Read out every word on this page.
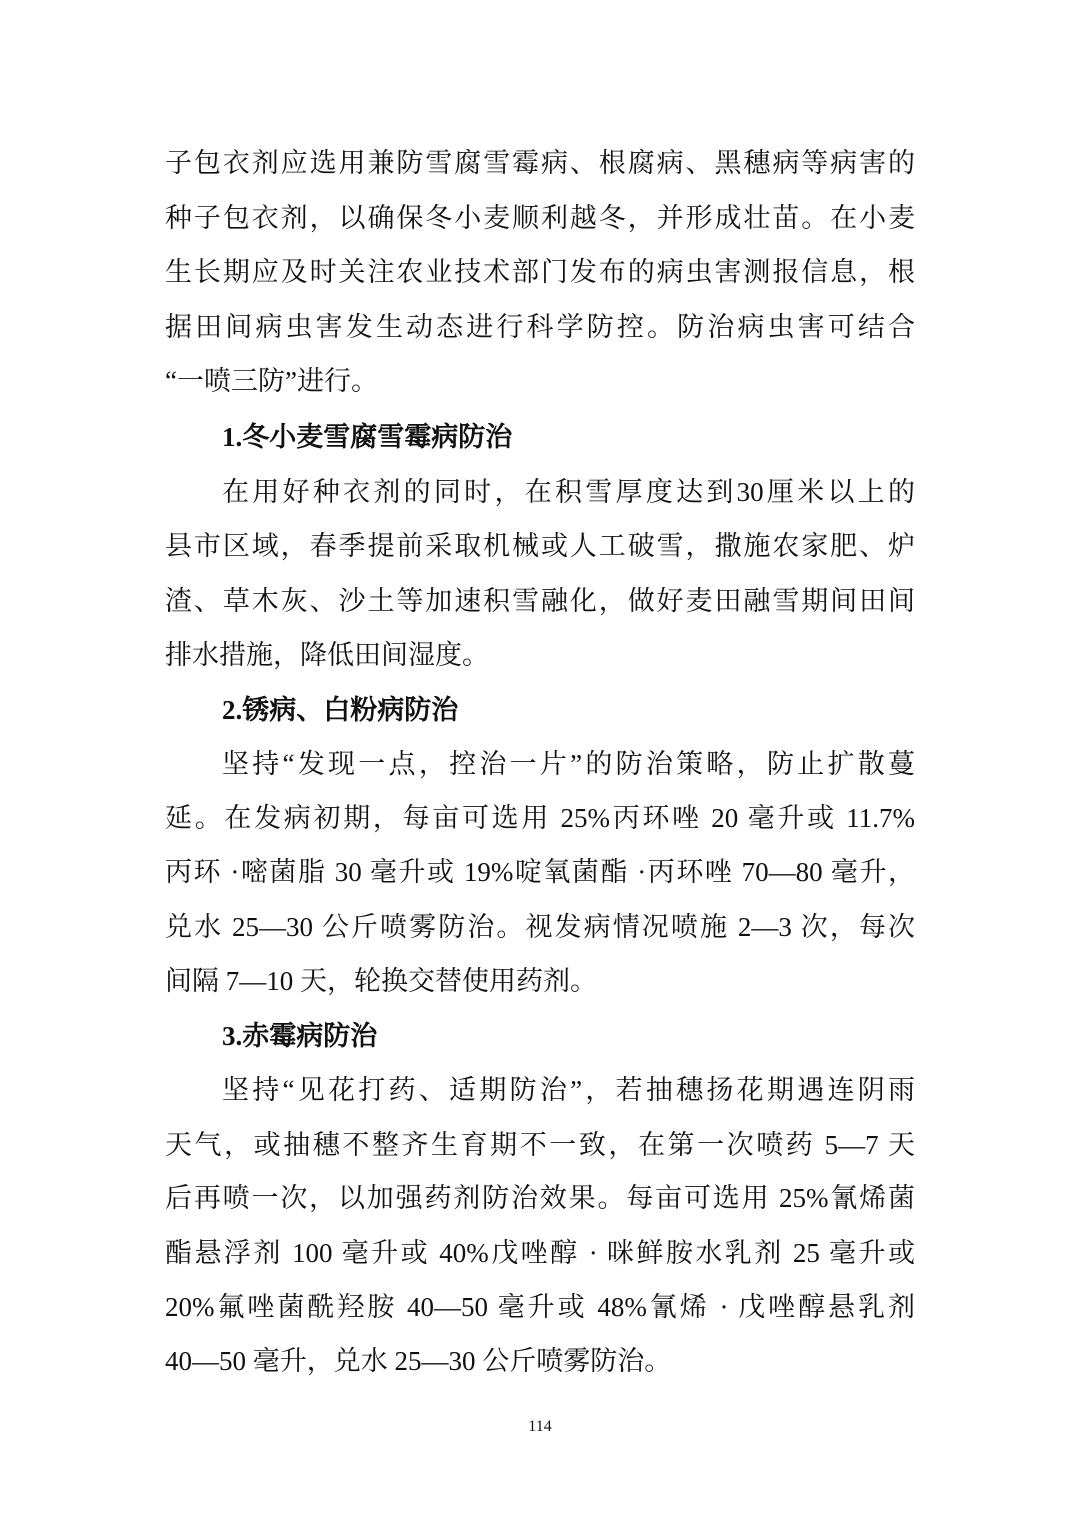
子包衣剂应选用兼防雪腐雪霉病、根腐病、黑穗病等病害的
种子包衣剂，以确保冬小麦顺利越冬，并形成壮苗。在小麦
生长期应及时关注农业技术部门发布的病虫害测报信息，根
据田间病虫害发生动态进行科学防控。防治病虫害可结合
“一喷三防”进行。
1.冬小麦雪腐雪霉病防治
在用好种衣剂的同时，在积雪厚度达到30厘米以上的
县市区域，春季提前采取机械或人工破雪，撒施农家肥、炉
渣、草木灰、沙土等加速积雪融化，做好麦田融雪期间田间
排水措施，降低田间湿度。
2.锈病、白粉病防治
坚持“发现一点，控治一片”的防治策略，防止扩散蔓
延。在发病初期，每亩可选用 25%丙环唑 20 毫升或 11.7%
丙环 ·嘧菌脂 30 毫升或 19%啶氧菌酯 ·丙环唑 70—80 毫升，
兑水 25—30 公斤喷雾防治。视发病情况喷施 2—3 次，每次
间隔 7—10 天，轮换交替使用药剂。
3.赤霉病防治
坚持“见花打药、适期防治”，若抽穗扬花期遇连阴雨
天气，或抽穗不整齐生育期不一致，在第一次喷药 5—7 天
后再喷一次，以加强药剂防治效果。每亩可选用 25%氰烯菌
酯悬浮剂 100 毫升或 40%戊唑醇 · 咪鲜胺水乳剂 25 毫升或
20%氟唑菌酰羟胺 40—50 毫升或 48%氰烯 · 戊唑醇悬乳剂
40—50 毫升，兑水 25—30 公斤喷雾防治。
114
